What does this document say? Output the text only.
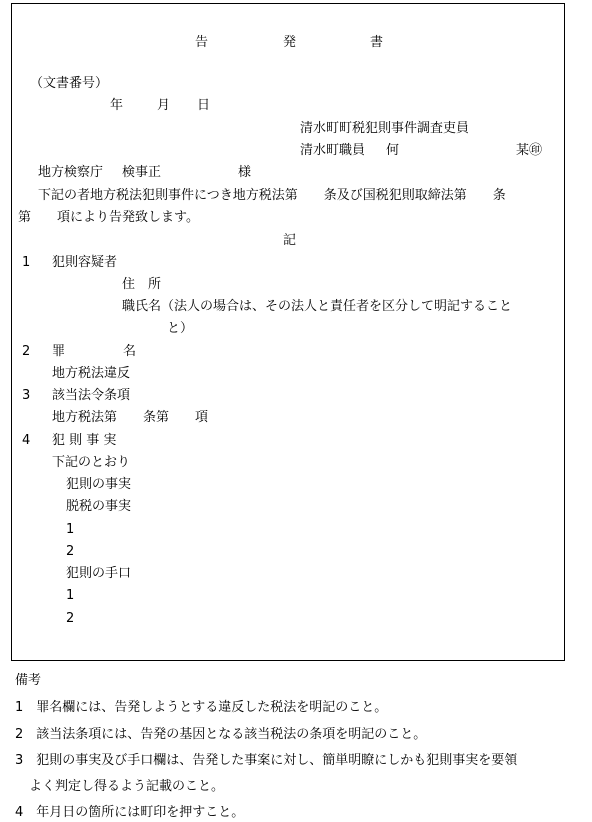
告	発	書
（文書番号）
年	月 日
清水町町税犯則事件調査吏員
清水町職員 何	某㊞
地方検察庁 検事正	様
下記の者地方税法犯則事件につき地方税法第　　条及び国税犯則取締法第　　条
第　　項により告発致します。
記
1 犯則容疑者
住　所
職氏名（法人の場合は、その法人と責任者を区分して明記すること
と）
2 罪	名
地方税法違反
3 該当法令条項
地方税法第　　条第　　項
4 犯 則 事 実
下記のとおり
犯則の事実
脱税の事実
1
2
犯則の手口
1
2
備考
1　罪名欄には、告発しようとする違反した税法を明記のこと。
2　該当法条項には、告発の基因となる該当税法の条項を明記のこと。
3　犯則の事実及び手口欄は、告発した事案に対し、簡単明瞭にしかも犯則事実を要領
よく判定し得るよう記載のこと。
4　年月日の箇所には町印を押すこと。
